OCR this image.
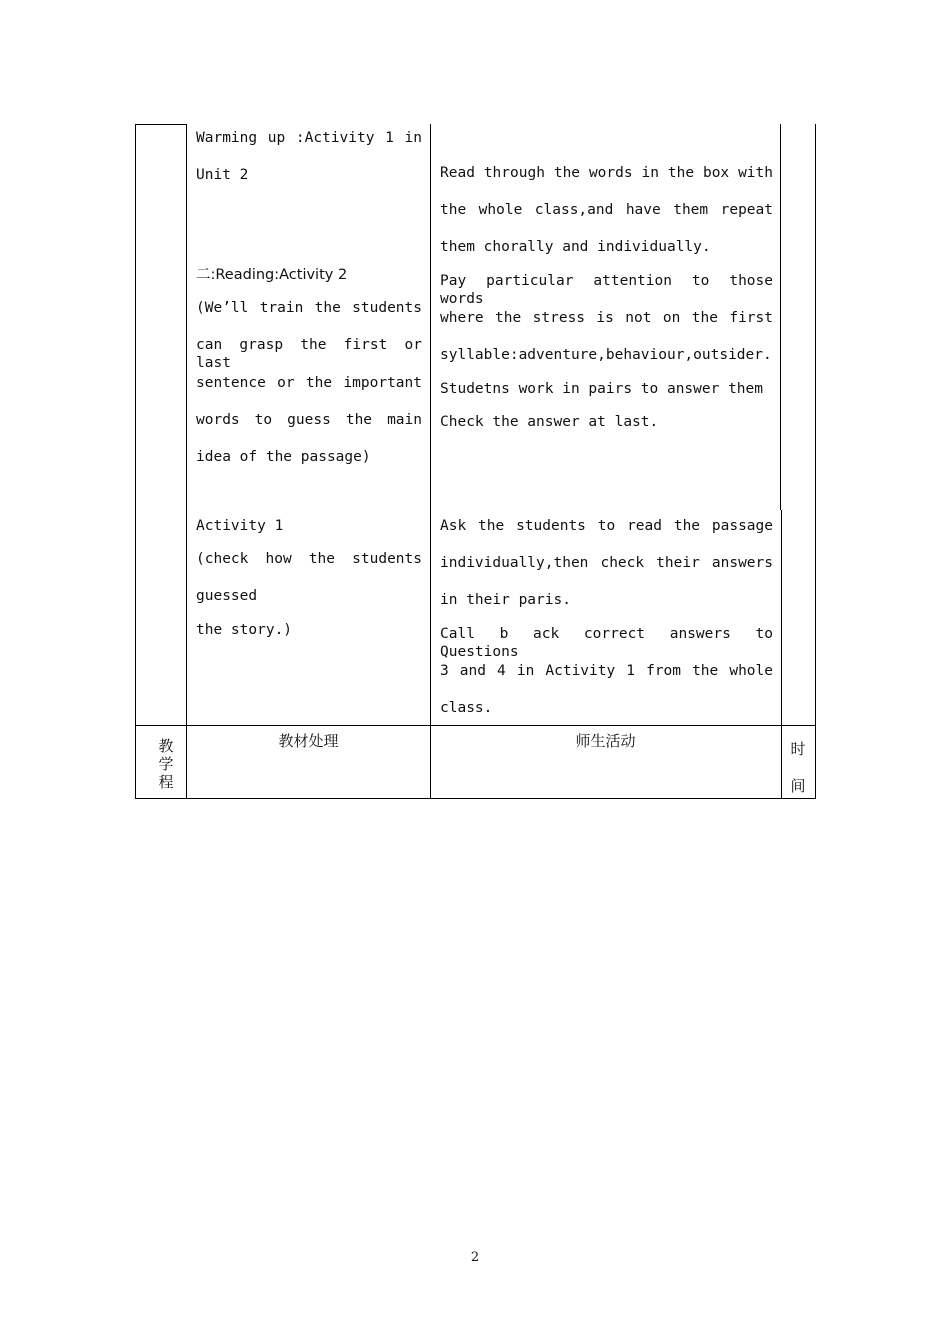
Warming up :Activity 1 in
Unit 2
二:Reading:Activity 2
(We’ll train the students
can grasp the first or last
sentence or the important
words to guess the main
idea of the passage)
Activity 1
(check how the students
guessed
the story.)
Read through the words in the box with
the whole class,and have them repeat
them chorally and individually.
Pay particular attention to those words
where the stress is not on the first
syllable:adventure,behaviour,outsider.
Studetns work in pairs to answer them
Check the answer at last.
Ask the students to read the passage
individually,then check their answers
in their paris.
Call b ack correct answers to Questions
3 and 4 in Activity 1 from the whole
class.
教学程
教材处理	师生活动	时间
2
